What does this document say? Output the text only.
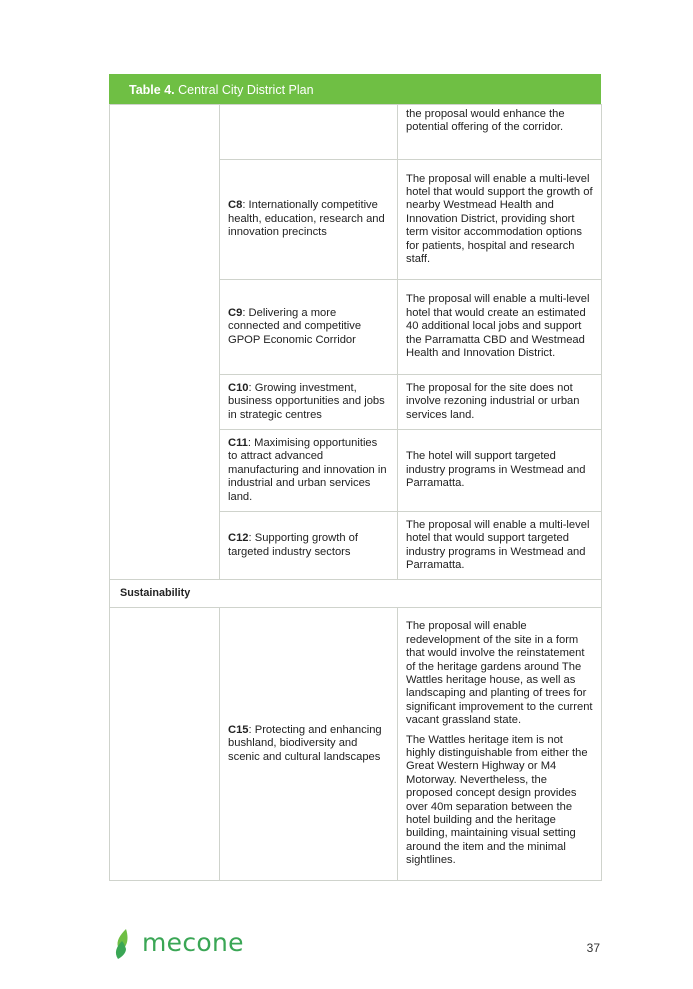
Table 4. Central City District Plan

		the proposal would enhance the potential offering of the corridor.

	C8: Internationally competitive health, education, research and innovation precincts	The proposal will enable a multi-level hotel that would support the growth of nearby Westmead Health and Innovation District, providing short term visitor accommodation options for patients, hospital and research staff.

	C9: Delivering a more connected and competitive GPOP Economic Corridor	The proposal will enable a multi-level hotel that would create an estimated 40 additional local jobs and support the Parramatta CBD and Westmead Health and Innovation District.

	C10: Growing investment, business opportunities and jobs in strategic centres	The proposal for the site does not involve rezoning industrial or urban services land.

	C11: Maximising opportunities to attract advanced manufacturing and innovation in industrial and urban services land.	The hotel will support targeted industry programs in Westmead and Parramatta.

	C12: Supporting growth of targeted industry sectors	The proposal will enable a multi-level hotel that would support targeted industry programs in Westmead and Parramatta.

Sustainability		
	C15: Protecting and enhancing bushland, biodiversity and scenic and cultural landscapes	The proposal will enable redevelopment of the site in a form that would involve the reinstatement of the heritage gardens around The Wattles heritage house, as well as landscaping and planting of trees for significant improvement to the current vacant grassland state.

The Wattles heritage item is not highly distinguishable from either the Great Western Highway or M4 Motorway. Nevertheless, the proposed concept design provides over 40m separation between the hotel building and the heritage building, maintaining visual setting around the item and the minimal sightlines.

mecone	37
